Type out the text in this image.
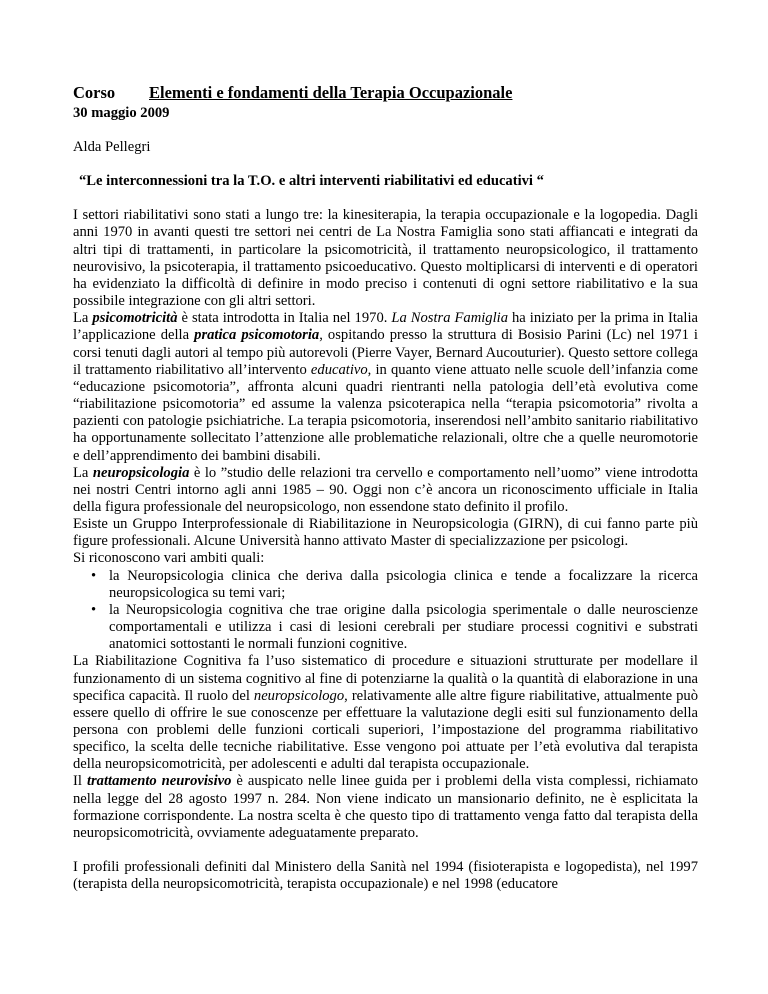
Corso Elementi e fondamenti della Terapia Occupazionale
30 maggio 2009
Alda Pellegri
“Le interconnessioni tra la T.O. e altri interventi riabilitativi ed educativi “

I settori riabilitativi sono stati a lungo tre: la kinesiterapia, la terapia occupazionale e la logopedia. Dagli anni 1970 in avanti questi tre settori nei centri de La Nostra Famiglia sono stati affiancati e integrati da altri tipi di trattamenti, in particolare la psicomotricità, il trattamento neuropsicologico, il trattamento neurovisivo, la psicoterapia, il trattamento psicoeducativo. Questo moltiplicarsi di interventi e di operatori ha evidenziato la difficoltà di definire in modo preciso i contenuti di ogni settore riabilitativo e la sua possibile integrazione con gli altri settori.

La psicomotricità è stata introdotta in Italia nel 1970. La Nostra Famiglia ha iniziato per la prima in Italia l’applicazione della pratica psicomotoria, ospitando presso la struttura di Bosisio Parini (Lc) nel 1971 i corsi tenuti dagli autori al tempo più autorevoli (Pierre Vayer, Bernard Aucouturier). Questo settore collega il trattamento riabilitativo all’intervento educativo, in quanto viene attuato nelle scuole dell’infanzia come “educazione psicomotoria”, affronta alcuni quadri rientranti nella patologia dell’età evolutiva come “riabilitazione psicomotoria” ed assume la valenza psicoterapica nella “terapia psicomotoria” rivolta a pazienti con patologie psichiatriche. La terapia psicomotoria, inserendosi nell’ambito sanitario riabilitativo ha opportunamente sollecitato l’attenzione alle problematiche relazionali, oltre che a quelle neuromotorie e dell’apprendimento dei bambini disabili.

La neuropsicologia è lo ”studio delle relazioni tra cervello e comportamento nell’uomo” viene introdotta nei nostri Centri intorno agli anni 1985 – 90. Oggi non c’è ancora un riconoscimento ufficiale in Italia della figura professionale del neuropsicologo, non essendone stato definito il profilo.

Esiste un Gruppo Interprofessionale di Riabilitazione in Neuropsicologia (GIRN), di cui fanno parte più figure professionali. Alcune Università hanno attivato Master di specializzazione per psicologi.

Si riconoscono vari ambiti quali:

• la Neuropsicologia clinica che deriva dalla psicologia clinica e tende a focalizzare la ricerca neuropsicologica su temi vari;
• la Neuropsicologia cognitiva che trae origine dalla psicologia sperimentale o dalle neuroscienze comportamentali e utilizza i casi di lesioni cerebrali per studiare processi cognitivi e substrati anatomici sottostanti le normali funzioni cognitive.

La Riabilitazione Cognitiva fa l’uso sistematico di procedure e situazioni strutturate per modellare il funzionamento di un sistema cognitivo al fine di potenziarne la qualità o la quantità di elaborazione in una specifica capacità. Il ruolo del neuropsicologo, relativamente alle altre figure riabilitative, attualmente può essere quello di offrire le sue conoscenze per effettuare la valutazione degli esiti sul funzionamento della persona con problemi delle funzioni corticali superiori, l’impostazione del programma riabilitativo specifico, la scelta delle tecniche riabilitative. Esse vengono poi attuate per l’età evolutiva dal terapista della neuropsicomotricità, per adolescenti e adulti dal terapista occupazionale.

Il trattamento neurovisivo è auspicato nelle linee guida per i problemi della vista complessi, richiamato nella legge del 28 agosto 1997 n. 284. Non viene indicato un mansionario definito, ne è esplicitata la formazione corrispondente. La nostra scelta è che questo tipo di trattamento venga fatto dal terapista della neuropsicomotricità, ovviamente adeguatamente preparato.

I profili professionali definiti dal Ministero della Sanità nel 1994 (fisioterapista e logopedista), nel 1997 (terapista della neuropsicomotricità, terapista occupazionale) e nel 1998 (educatore
